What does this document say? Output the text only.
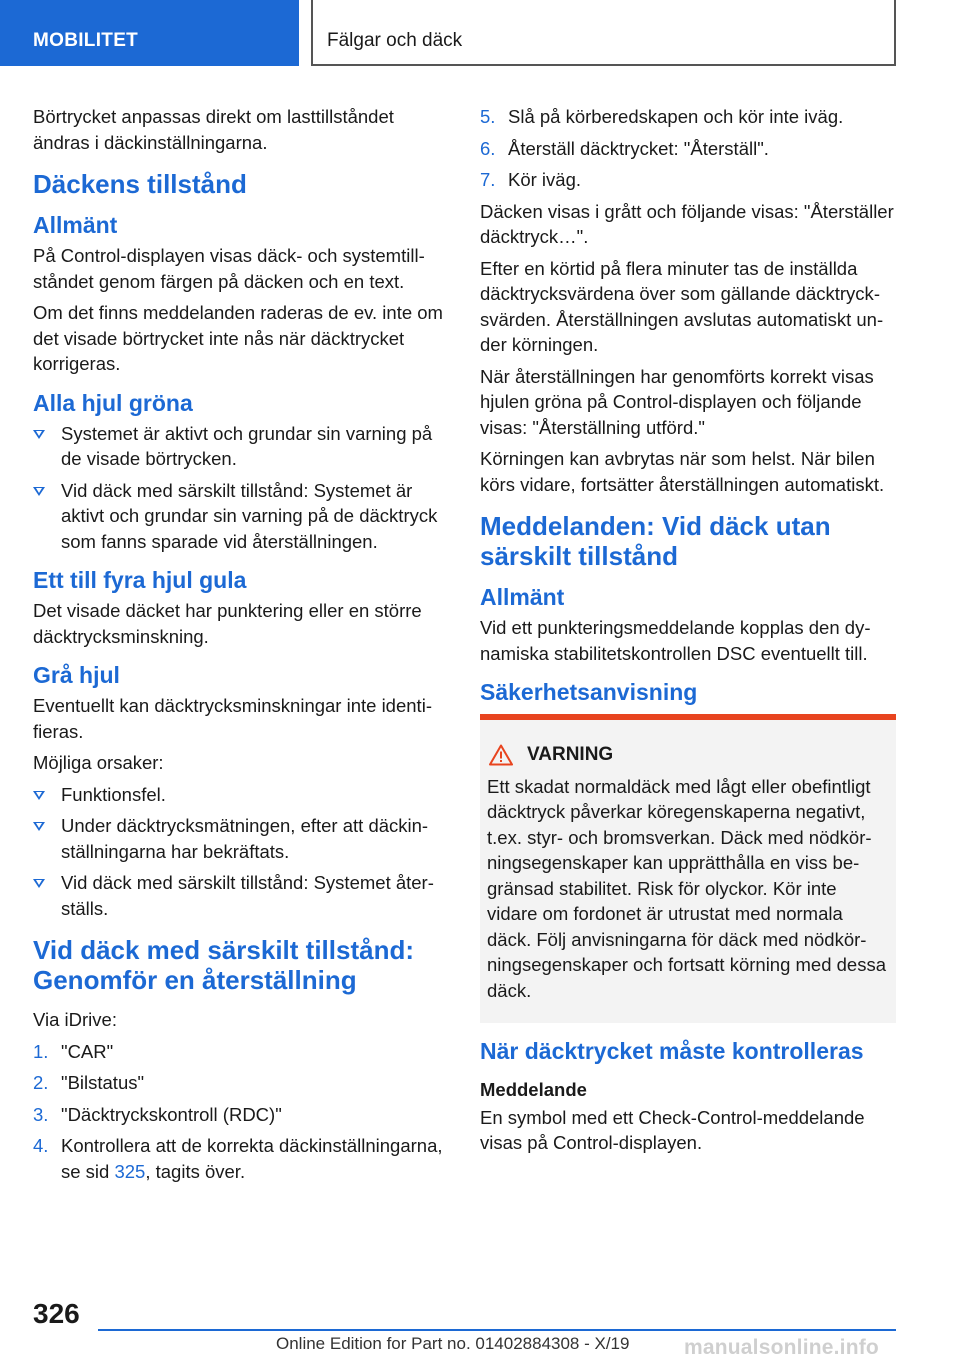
MOBILITET	Fälgar och däck

Börtrycket anpassas direkt om lasttillståndet ändras i däckinställningarna.

Däckens tillstånd
Allmänt

På Control-displayen visas däck- och systemtillståndet genom färgen på däcken och en text.

Om det finns meddelanden raderas de ev. inte om det visade börtrycket inte nås när däcktrycket korrigeras.

Alla hjul gröna
Systemet är aktivt och grundar sin varning på de visade börtrycken.
Vid däck med särskilt tillstånd: Systemet är aktivt och grundar sin varning på de däcktryck som fanns sparade vid återställningen.
Ett till fyra hjul gula

Det visade däcket har punktering eller en större däcktrycksminskning.

Grå hjul

Eventuellt kan däcktrycksminskningar inte identifieras.

Möjliga orsaker:

Funktionsfel.
Under däcktrycksmätningen, efter att däckinställningarna har bekräftats.
Vid däck med särskilt tillstånd: Systemet återställs.
Vid däck med särskilt tillstånd: Genomför en återställning

Via iDrive:

1. "CAR"
2. "Bilstatus"
3. "Däcktryckskontroll (RDC)"
4. Kontrollera att de korrekta däckinställningarna, se sid 325, tagits över.
5. Slå på körberedskapen och kör inte iväg.
6. Återställ däcktrycket: "Återställ".
7. Kör iväg.

Däcken visas i grått och följande visas: "Återställer däcktryck…".

Efter en körtid på flera minuter tas de inställda däcktrycksvärdena över som gällande däcktrycksvärden. Återställningen avslutas automatiskt under körningen.

När återställningen har genomförts korrekt visas hjulen gröna på Control-displayen och följande visas: "Återställning utförd."

Körningen kan avbrytas när som helst. När bilen körs vidare, fortsätter återställningen automatiskt.

Meddelanden: Vid däck utan särskilt tillstånd
Allmänt

Vid ett punkteringsmeddelande kopplas den dynamiska stabilitetskontrollen DSC eventuellt till.

Säkerhetsanvisning
VARNING

Ett skadat normaldäck med lågt eller obefintligt däcktryck påverkar köregenskaperna negativt, t.ex. styr- och bromsverkan. Däck med nödkörningsegenskaper kan upprätthålla en viss begränsad stabilitet. Risk för olyckor. Kör inte vidare om fordonet är utrustat med normala däck. Följ anvisningarna för däck med nödkörningsegenskaper och fortsatt körning med dessa däck.

När däcktrycket måste kontrolleras
Meddelande

En symbol med ett Check-Control-meddelande visas på Control-displayen.

326
Online Edition for Part no. 01402884308 - X/19	manualsonline.info
